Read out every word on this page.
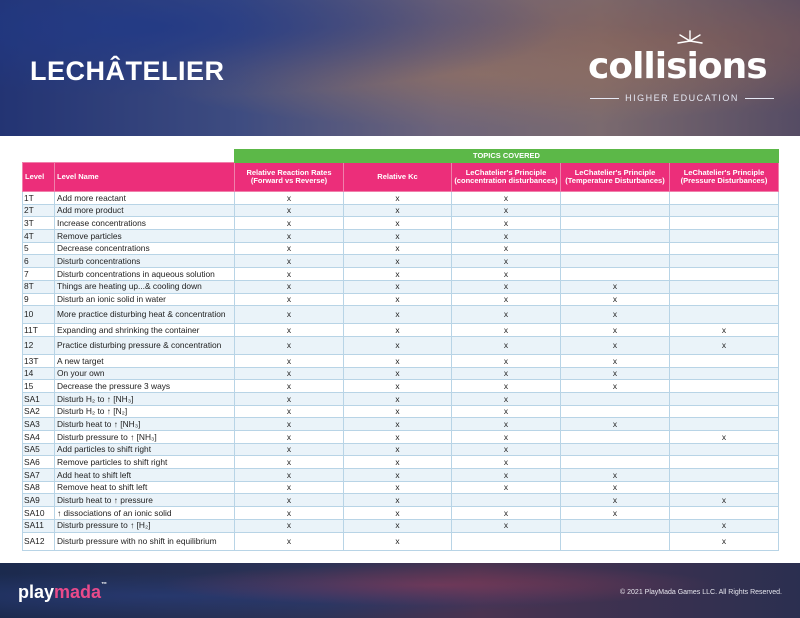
LECHÂTELIER	collisions
HIGHER EDUCATION
		TOPICS COVERED				
Level	Level Name	Relative Reaction Rates (Forward vs Reverse)	Relative Kc	LeChatelier's Principle (concentration disturbances)	LeChatelier's Principle (Temperature Disturbances)	LeChatelier's Principle (Pressure Disturbances)
1T	Add more reactant	x	x	x		
2T	Add more product	x	x	x		
3T	Increase concentrations	x	x	x		
4T	Remove particles	x	x	x		
5	Decrease concentrations	x	x	x		
6	Disturb concentrations	x	x	x		
7	Disturb concentrations in aqueous solution	x	x	x		
8T	Things are heating up...& cooling down	x	x	x	x	
9	Disturb an ionic solid in water	x	x	x	x	
10	More practice disturbing heat & concentration	x	x	x	x	
11T	Expanding and shrinking the container	x	x	x	x	x
12	Practice disturbing pressure & concentration	x	x	x	x	x
13T	A new target	x	x	x	x	
14	On your own	x	x	x	x	
15	Decrease the pressure 3 ways	x	x	x	x	
SA1	Disturb H₂ to ↑ [NH₃]	x	x	x		
SA2	Disturb H₂ to ↑ [N₂]	x	x	x		
SA3	Disturb heat to ↑ [NH₃]	x	x	x	x	
SA4	Disturb pressure to ↑ [NH₃]	x	x	x		x
SA5	Add particles to shift right	x	x	x		
SA6	Remove particles to shift right	x	x	x		
SA7	Add heat to shift left	x	x	x	x	
SA8	Remove heat to shift left	x	x	x	x	
SA9	Disturb heat to ↑ pressure	x	x		x	x
SA10	↑ dissociations of an ionic solid	x	x	x	x	
SA11	Disturb pressure to ↑ [H₂]	x	x	x		x
SA12	Disturb pressure with no shift in equilibrium	x	x			x
playmada™
© 2021 PlayMada Games LLC. All Rights Reserved.
